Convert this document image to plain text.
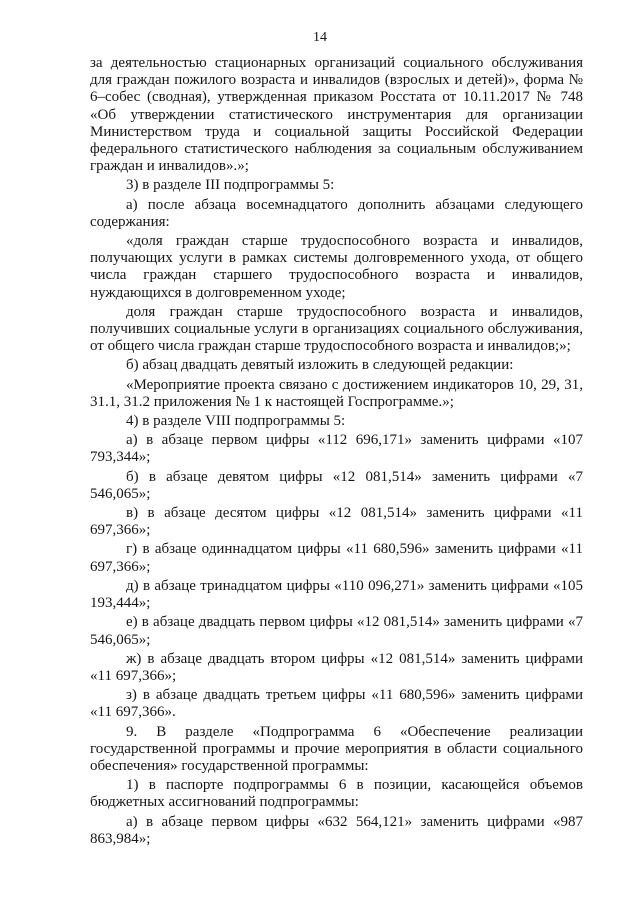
14

за деятельностью стационарных организаций социального обслуживания для граждан пожилого возраста и инвалидов (взрослых и детей)», форма № 6–собес (сводная), утвержденная приказом Росстата от 10.11.2017 № 748 «Об утверждении статистического инструментария для организации Министерством труда и социальной защиты Российской Федерации федерального статистического наблюдения за социальным обслуживанием граждан и инвалидов».»;

3) в разделе III подпрограммы 5:

а) после абзаца восемнадцатого дополнить абзацами следующего содержания:

«доля граждан старше трудоспособного возраста и инвалидов, получающих услуги в рамках системы долговременного ухода, от общего числа граждан старшего трудоспособного возраста и инвалидов, нуждающихся в долговременном уходе;

доля граждан старше трудоспособного возраста и инвалидов, получивших социальные услуги в организациях социального обслуживания, от общего числа граждан старше трудоспособного возраста и инвалидов;»;

б) абзац двадцать девятый изложить в следующей редакции:

«Мероприятие проекта связано с достижением индикаторов 10, 29, 31, 31.1, 31.2 приложения № 1 к настоящей Госпрограмме.»;

4) в разделе VIII подпрограммы 5:

а) в абзаце первом цифры «112 696,171» заменить цифрами «107 793,344»;

б) в абзаце девятом цифры «12 081,514» заменить цифрами «7 546,065»;

в) в абзаце десятом цифры «12 081,514» заменить цифрами «11 697,366»;

г) в абзаце одиннадцатом цифры «11 680,596» заменить цифрами «11 697,366»;

д) в абзаце тринадцатом цифры «110 096,271» заменить цифрами «105 193,444»;

е) в абзаце двадцать первом цифры «12 081,514» заменить цифрами «7 546,065»;

ж) в абзаце двадцать втором цифры «12 081,514» заменить цифрами «11 697,366»;

з) в абзаце двадцать третьем цифры «11 680,596» заменить цифрами «11 697,366».

9. В разделе «Подпрограмма 6 «Обеспечение реализации государственной программы и прочие мероприятия в области социального обеспечения» государственной программы:

1) в паспорте подпрограммы 6 в позиции, касающейся объемов бюджетных ассигнований подпрограммы:

а) в абзаце первом цифры «632 564,121» заменить цифрами «987 863,984»;
